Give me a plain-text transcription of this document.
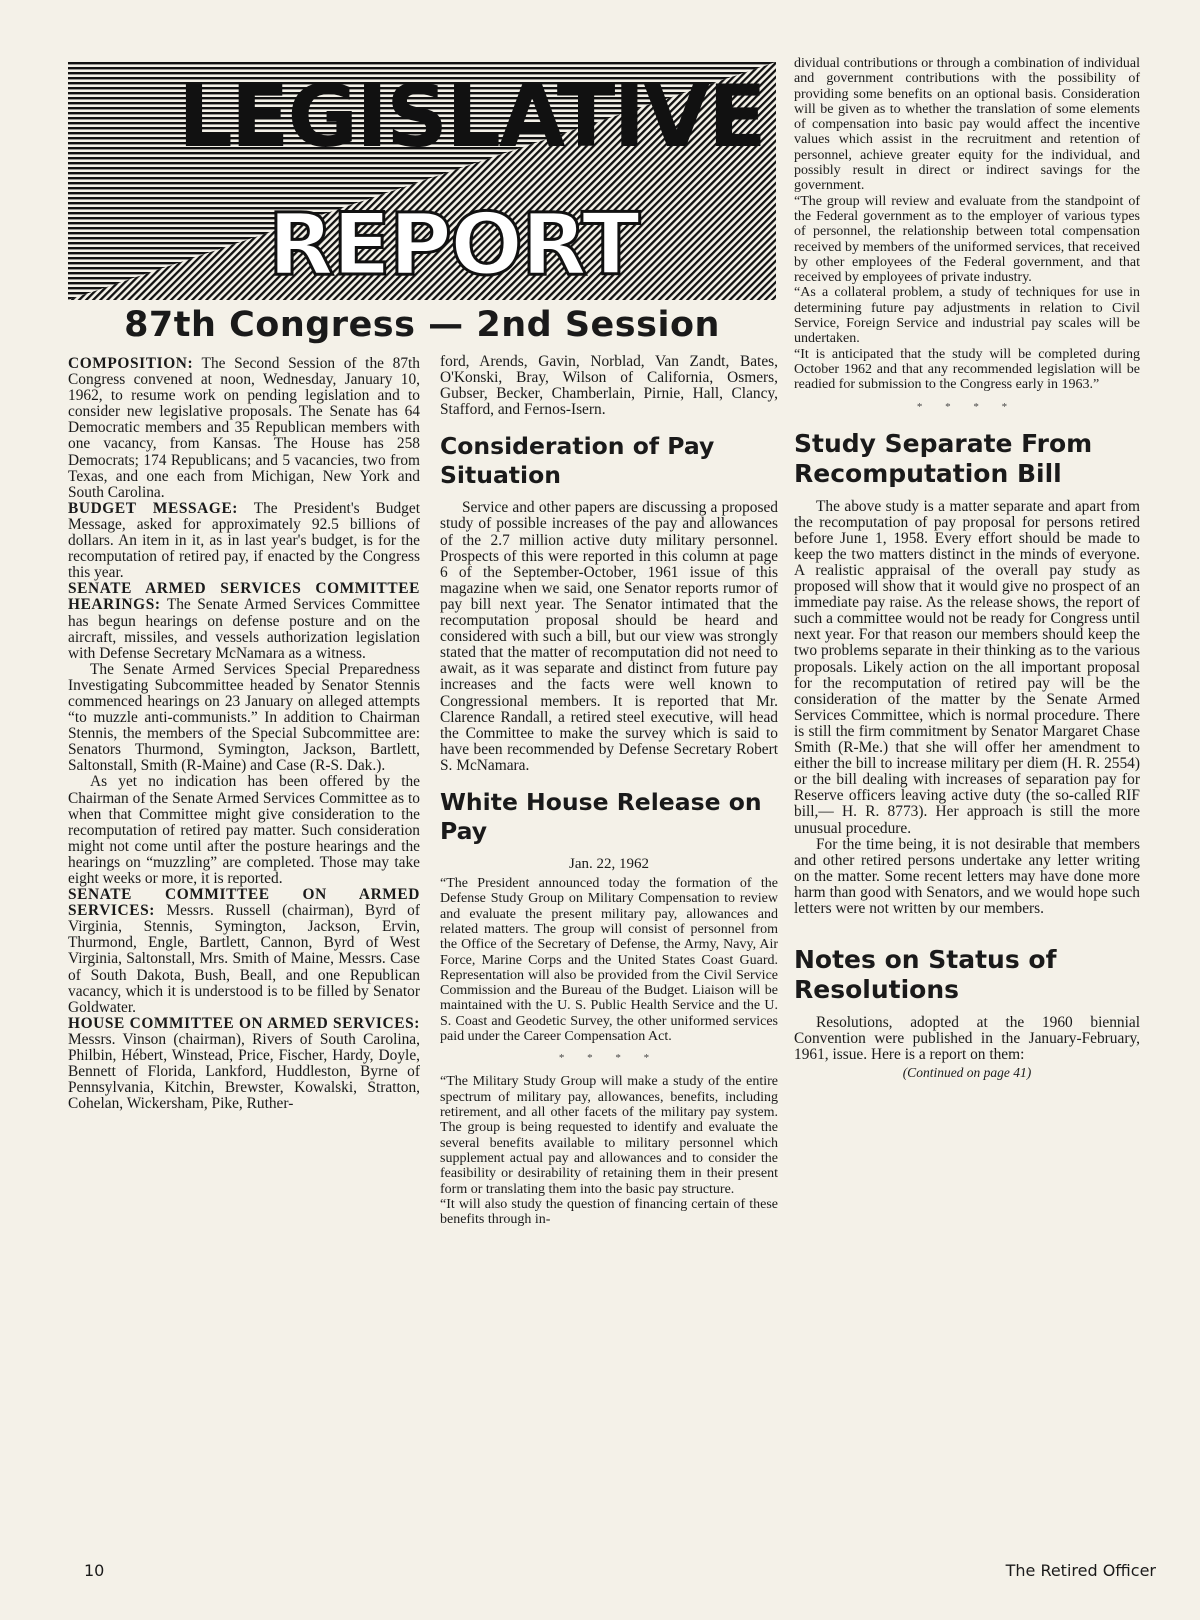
LEGISLATIVE
REPORT
87th Congress — 2nd Session

COMPOSITION: The Second Session of the 87th Congress convened at noon, Wednesday, January 10, 1962, to resume work on pending legislation and to consider new legislative proposals. The Senate has 64 Democratic members and 35 Republican members with one vacancy, from Kansas. The House has 258 Democrats; 174 Republicans; and 5 vacancies, two from Texas, and one each from Michigan, New York and South Carolina.

BUDGET MESSAGE: The President's Budget Message, asked for approximately 92.5 billions of dollars. An item in it, as in last year's budget, is for the recomputation of retired pay, if enacted by the Congress this year.

SENATE ARMED SERVICES COMMITTEE HEARINGS: The Senate Armed Services Committee has begun hearings on defense posture and on the aircraft, missiles, and vessels authorization legislation with Defense Secretary McNamara as a witness.

The Senate Armed Services Special Preparedness Investigating Subcommittee headed by Senator Stennis commenced hearings on 23 January on alleged attempts “to muzzle anti-communists.” In addition to Chairman Stennis, the members of the Special Subcommittee are: Senators Thurmond, Symington, Jackson, Bartlett, Saltonstall, Smith (R-Maine) and Case (R-S. Dak.).

As yet no indication has been offered by the Chairman of the Senate Armed Services Committee as to when that Committee might give consideration to the recomputation of retired pay matter. Such consideration might not come until after the posture hearings and the hearings on “muzzling” are completed. Those may take eight weeks or more, it is reported.

SENATE COMMITTEE ON ARMED SERVICES: Messrs. Russell (chairman), Byrd of Virginia, Stennis, Symington, Jackson, Ervin, Thurmond, Engle, Bartlett, Cannon, Byrd of West Virginia, Saltonstall, Mrs. Smith of Maine, Messrs. Case of South Dakota, Bush, Beall, and one Republican vacancy, which it is understood is to be filled by Senator Goldwater.

HOUSE COMMITTEE ON ARMED SERVICES: Messrs. Vinson (chairman), Rivers of South Carolina, Philbin, Hébert, Winstead, Price, Fischer, Hardy, Doyle, Bennett of Florida, Lankford, Huddleston, Byrne of Pennsylvania, Kitchin, Brewster, Kowalski, Stratton, Cohelan, Wickersham, Pike, Ruther-

ford, Arends, Gavin, Norblad, Van Zandt, Bates, O'Konski, Bray, Wilson of California, Osmers, Gubser, Becker, Chamberlain, Pirnie, Hall, Clancy, Stafford, and Fernos-Isern.

Consideration of Pay Situation

Service and other papers are discussing a proposed study of possible increases of the pay and allowances of the 2.7 million active duty military personnel. Prospects of this were reported in this column at page 6 of the September-October, 1961 issue of this magazine when we said, one Senator reports rumor of pay bill next year. The Senator intimated that the recomputation proposal should be heard and considered with such a bill, but our view was strongly stated that the matter of recomputation did not need to await, as it was separate and distinct from future pay increases and the facts were well known to Congressional members. It is reported that Mr. Clarence Randall, a retired steel executive, will head the Committee to make the survey which is said to have been recommended by Defense Secretary Robert S. McNamara.

White House Release on Pay
Jan. 22, 1962

“The President announced today the formation of the Defense Study Group on Military Compensation to review and evaluate the present military pay, allowances and related matters. The group will consist of personnel from the Office of the Secretary of Defense, the Army, Navy, Air Force, Marine Corps and the United States Coast Guard. Representation will also be provided from the Civil Service Commission and the Bureau of the Budget. Liaison will be maintained with the U. S. Public Health Service and the U. S. Coast and Geodetic Survey, the other uniformed services paid under the Career Compensation Act.

* * * *

“The Military Study Group will make a study of the entire spectrum of military pay, allowances, benefits, including retirement, and all other facets of the military pay system. The group is being requested to identify and evaluate the several benefits available to military personnel which supplement actual pay and allowances and to consider the feasibility or desirability of retaining them in their present form or translating them into the basic pay structure.

“It will also study the question of financing certain of these benefits through in-

dividual contributions or through a combination of individual and government contributions with the possibility of providing some benefits on an optional basis. Consideration will be given as to whether the translation of some elements of compensation into basic pay would affect the incentive values which assist in the recruitment and retention of personnel, achieve greater equity for the individual, and possibly result in direct or indirect savings for the government.

“The group will review and evaluate from the standpoint of the Federal government as to the employer of various types of personnel, the relationship between total compensation received by members of the uniformed services, that received by other employees of the Federal government, and that received by employees of private industry.

“As a collateral problem, a study of techniques for use in determining future pay adjustments in relation to Civil Service, Foreign Service and industrial pay scales will be undertaken.

“It is anticipated that the study will be completed during October 1962 and that any recommended legislation will be readied for submission to the Congress early in 1963.”

* * * *
Study Separate From Recomputation Bill

The above study is a matter separate and apart from the recomputation of pay proposal for persons retired before June 1, 1958. Every effort should be made to keep the two matters distinct in the minds of everyone. A realistic appraisal of the overall pay study as proposed will show that it would give no prospect of an immediate pay raise. As the release shows, the report of such a committee would not be ready for Congress until next year. For that reason our members should keep the two problems separate in their thinking as to the various proposals. Likely action on the all important proposal for the recomputation of retired pay will be the consideration of the matter by the Senate Armed Services Committee, which is normal procedure. There is still the firm commitment by Senator Margaret Chase Smith (R-Me.) that she will offer her amendment to either the bill to increase military per diem (H. R. 2554) or the bill dealing with increases of separation pay for Reserve officers leaving active duty (the so-called RIF bill,— H. R. 8773). Her approach is still the more unusual procedure.

For the time being, it is not desirable that members and other retired persons undertake any letter writing on the matter. Some recent letters may have done more harm than good with Senators, and we would hope such letters were not written by our members.

Notes on Status of Resolutions

Resolutions, adopted at the 1960 biennial Convention were published in the January-February, 1961, issue. Here is a report on them:

(Continued on page 41)
10	The Retired Officer
